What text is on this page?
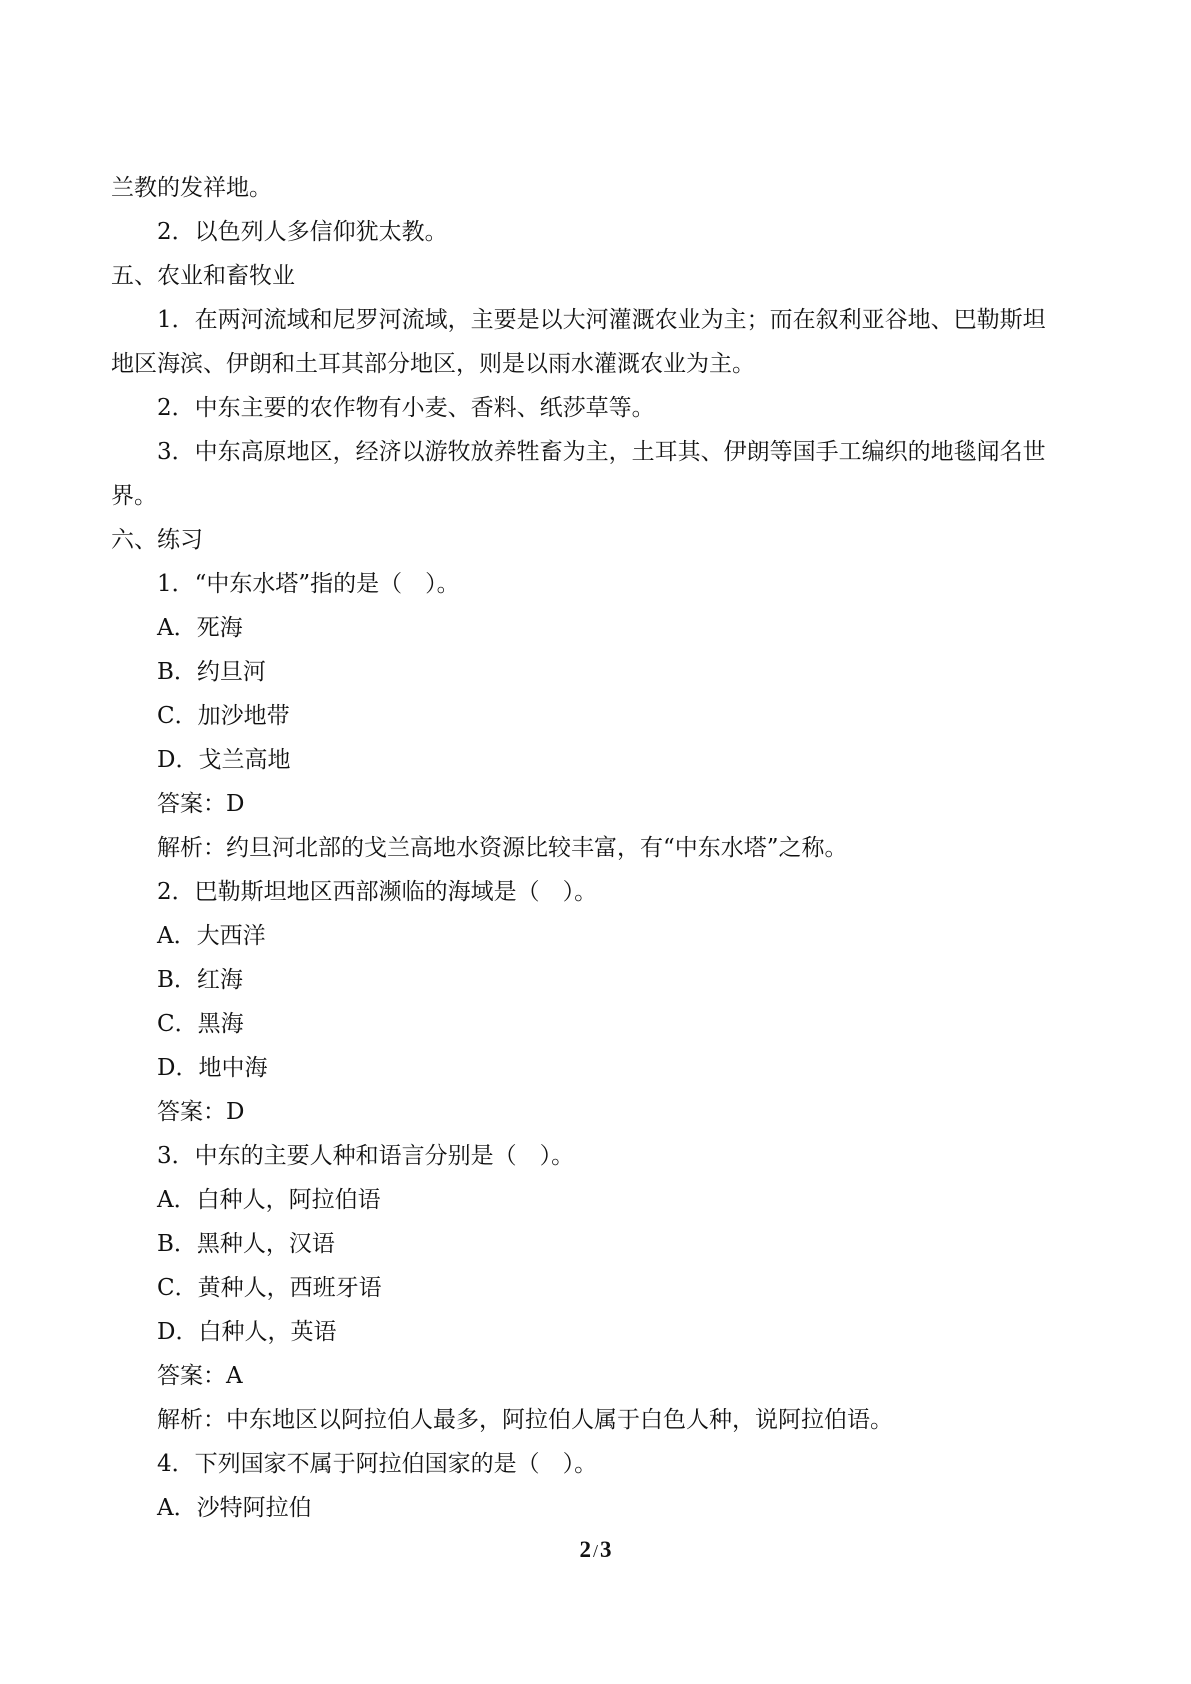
兰教的发祥地。

2．以色列人多信仰犹太教。

五、农业和畜牧业

1．在两河流域和尼罗河流域，主要是以大河灌溉农业为主；而在叙利亚谷地、巴勒斯坦

地区海滨、伊朗和土耳其部分地区，则是以雨水灌溉农业为主。

2．中东主要的农作物有小麦、香料、纸莎草等。

3．中东高原地区，经济以游牧放养牲畜为主，土耳其、伊朗等国手工编织的地毯闻名世

界。

六、练习

1．“中东水塔”指的是（　）。

A．死海

B．约旦河

C．加沙地带

D．戈兰高地

答案：D

解析：约旦河北部的戈兰高地水资源比较丰富，有“中东水塔”之称。

2．巴勒斯坦地区西部濒临的海域是（　）。

A．大西洋

B．红海

C．黑海

D．地中海

答案：D

3．中东的主要人种和语言分别是（　）。

A．白种人，阿拉伯语

B．黑种人，汉语

C．黄种人，西班牙语

D．白种人，英语

答案：A

解析：中东地区以阿拉伯人最多，阿拉伯人属于白色人种，说阿拉伯语。

4．下列国家不属于阿拉伯国家的是（　）。

A．沙特阿拉伯

2 /3
